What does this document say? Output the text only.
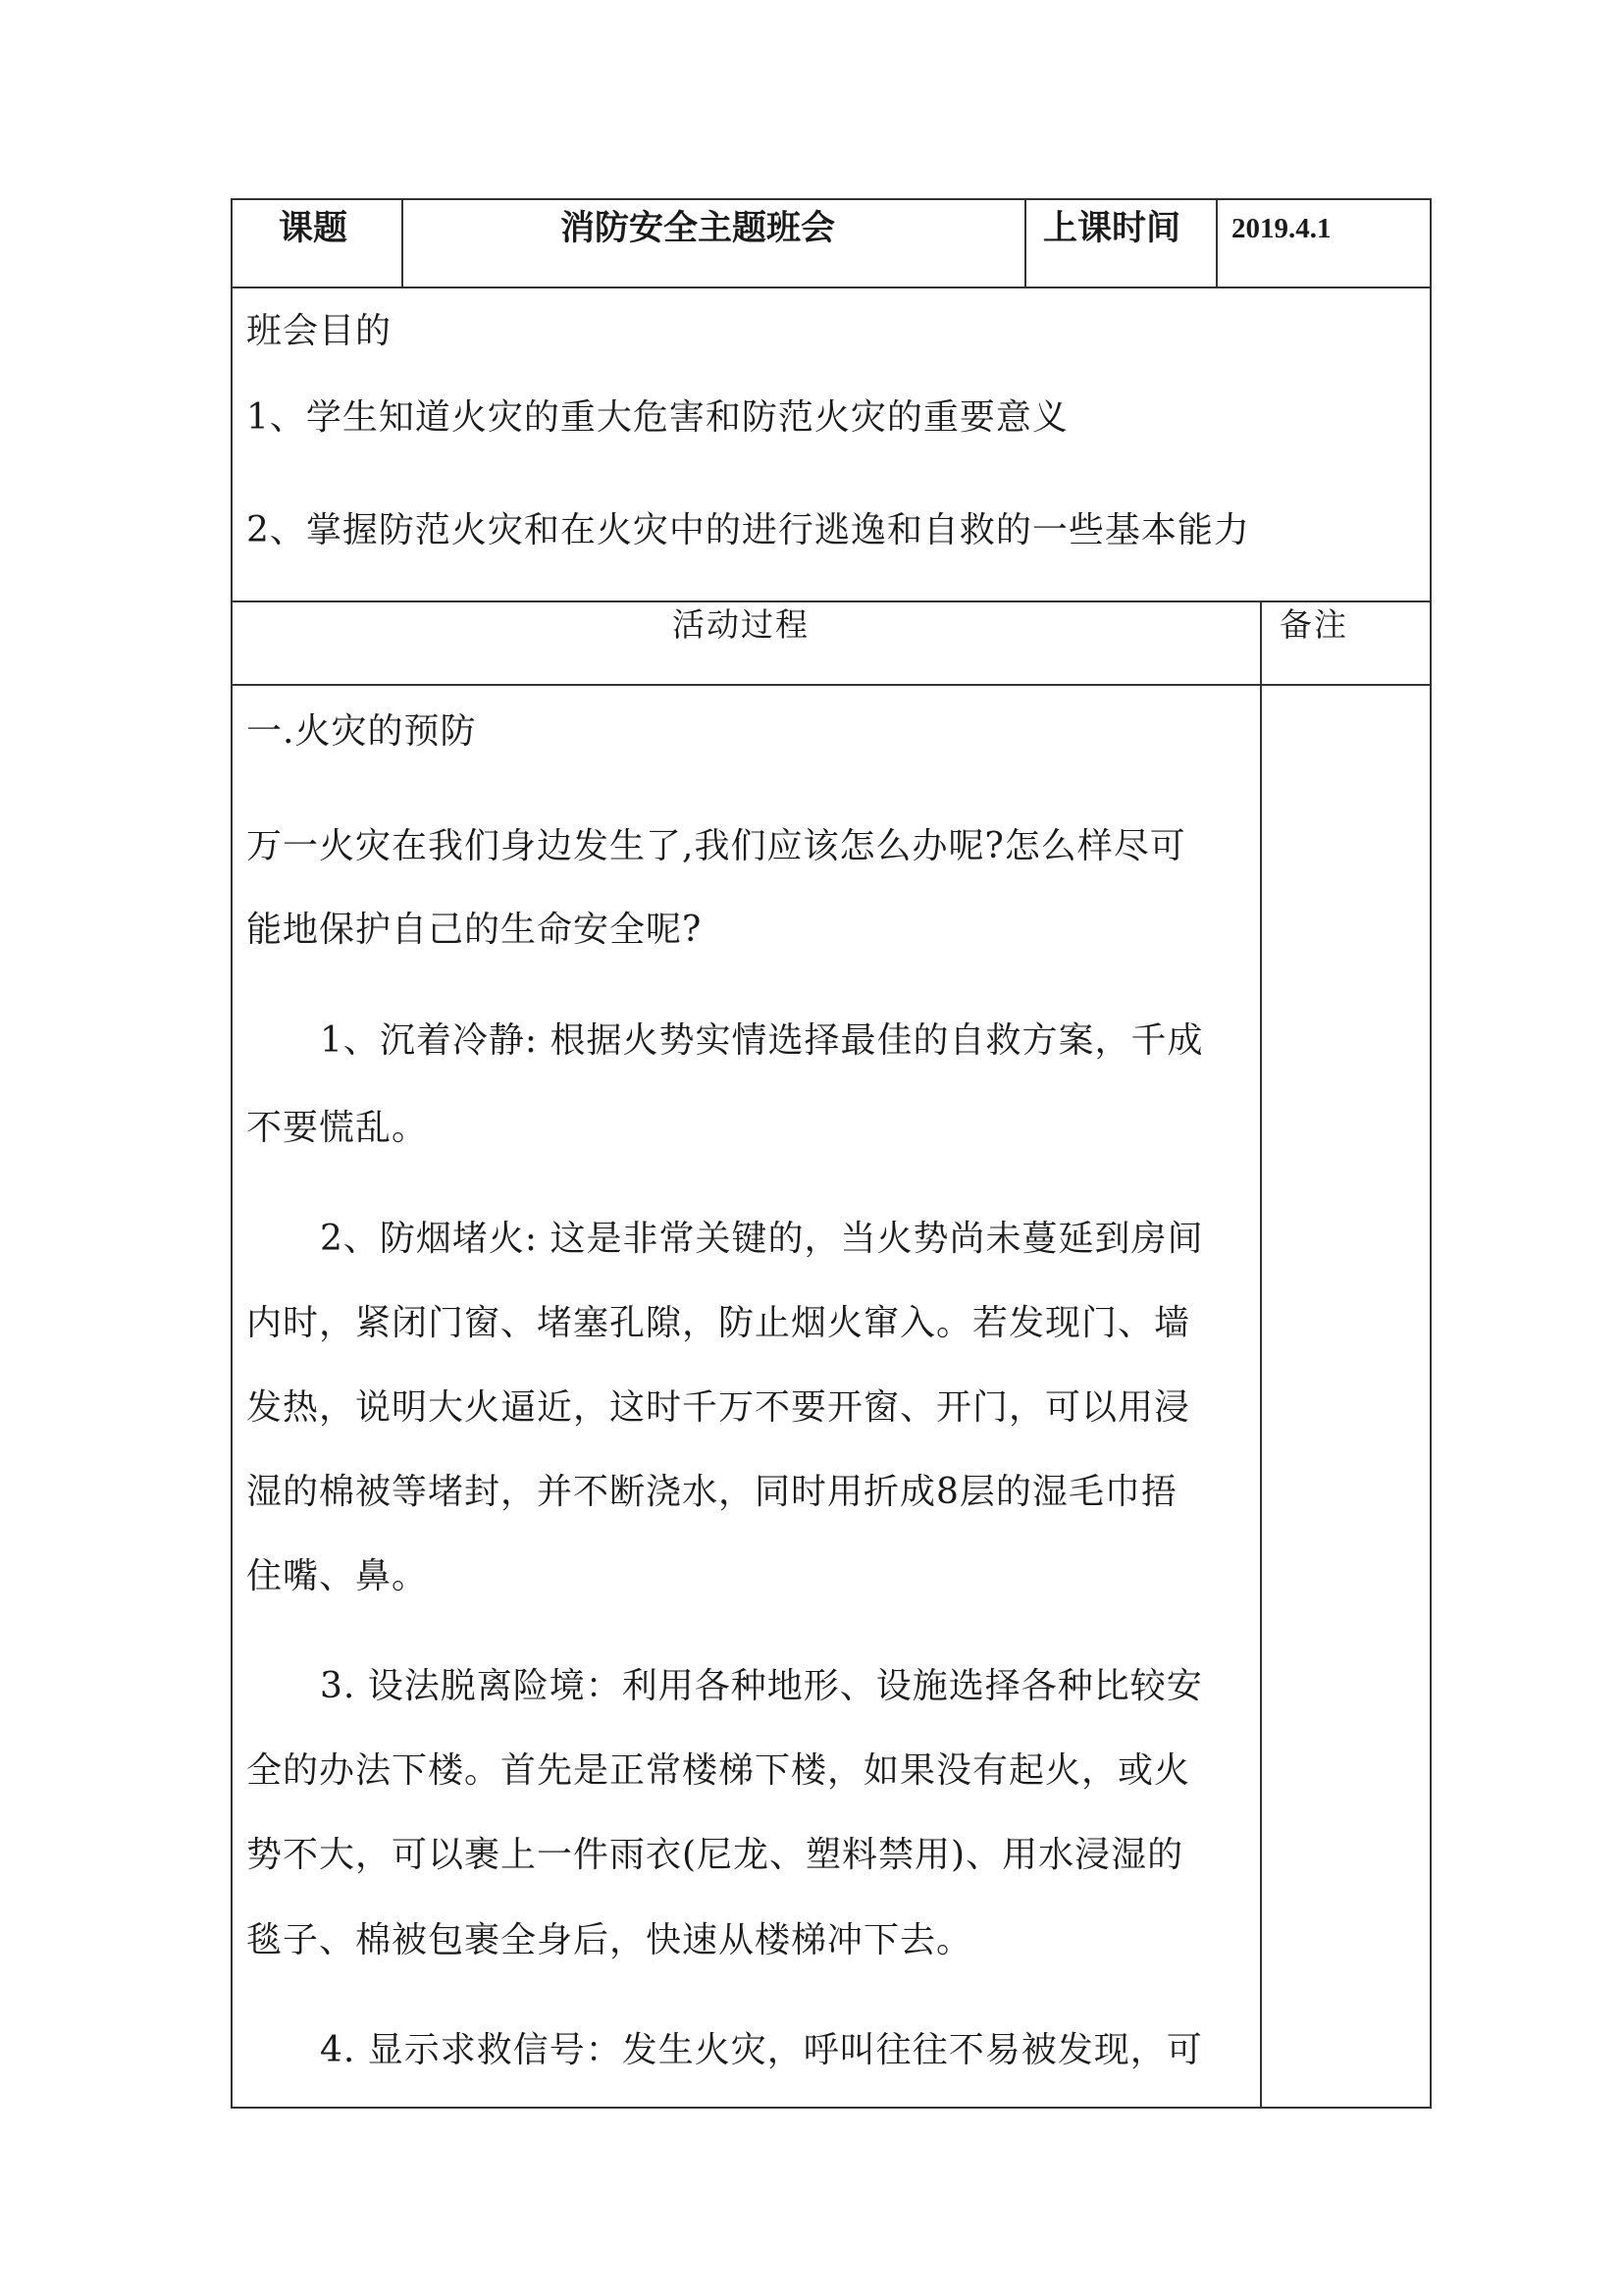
课题	消防安全主题班会	上课时间 2019.4.1
班会目的
1、学生知道火灾的重大危害和防范火灾的重要意义
2、掌握防范火灾和在火灾中的进行逃逸和自救的一些基本能力
活动过程	备注
一.火灾的预防
万一火灾在我们身边发生了,我们应该怎么办呢?怎么样尽可
能地保护自己的生命安全呢?
1、沉着冷静: 根据火势实情选择最佳的自救方案，千成
不要慌乱。
2、防烟堵火: 这是非常关键的，当火势尚未蔓延到房间
内时，紧闭门窗、堵塞孔隙，防止烟火窜入。若发现门、墙
发热，说明大火逼近，这时千万不要开窗、开门，可以用浸
湿的棉被等堵封，并不断浇水，同时用折成8层的湿毛巾捂
住嘴、鼻。
3. 设法脱离险境：利用各种地形、设施选择各种比较安
全的办法下楼。首先是正常楼梯下楼，如果没有起火，或火
势不大，可以裹上一件雨衣(尼龙、塑料禁用)、用水浸湿的
毯子、棉被包裹全身后，快速从楼梯冲下去。
4. 显示求救信号：发生火灾，呼叫往往不易被发现，可
